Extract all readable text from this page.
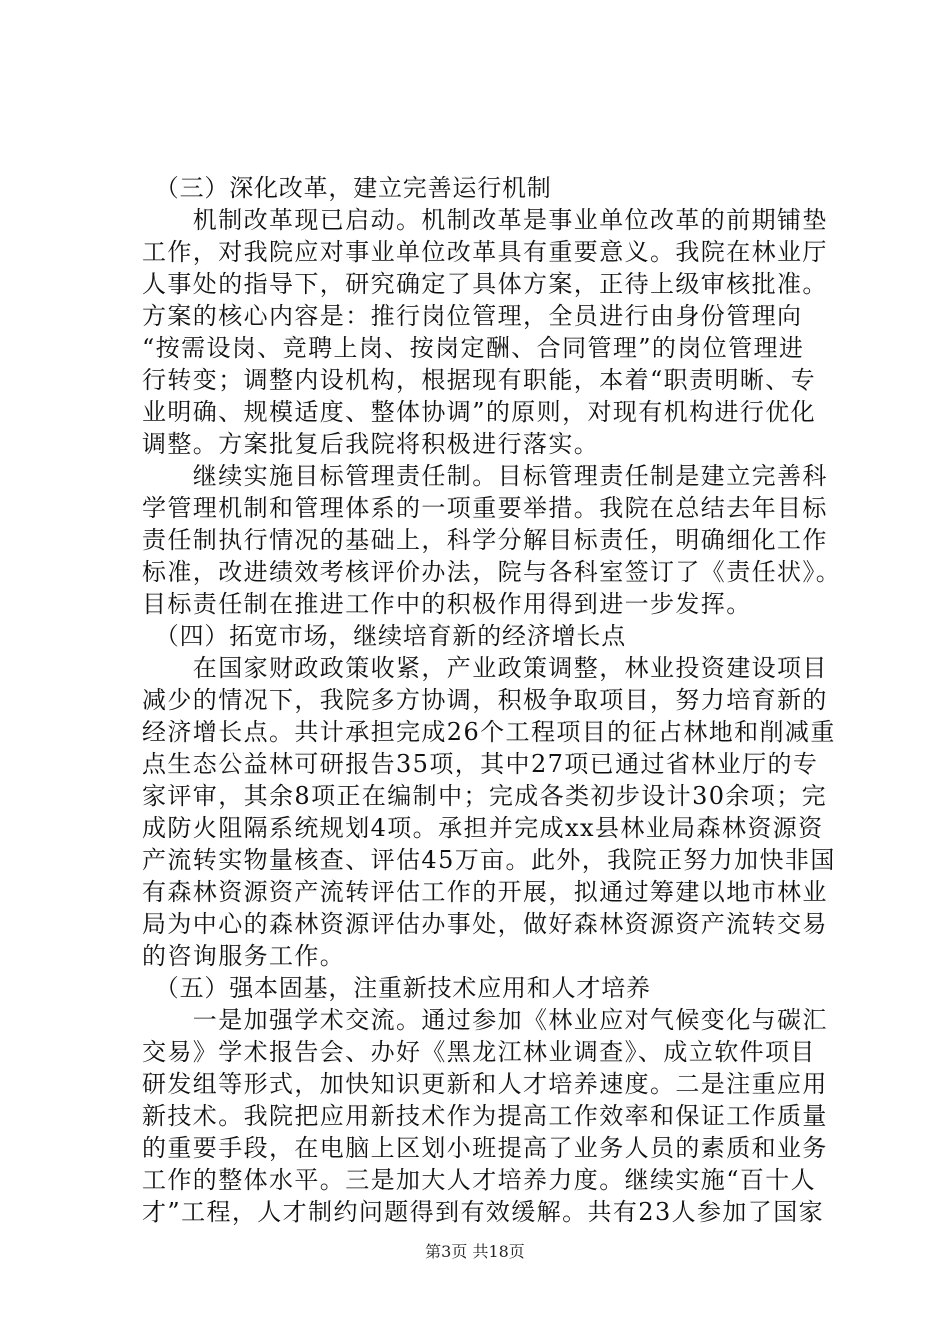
　（三）深化改革，建立完善运行机制
　　机制改革现已启动。机制改革是事业单位改革的前期铺垫
工作，对我院应对事业单位改革具有重要意义。我院在林业厅
人事处的指导下，研究确定了具体方案，正待上级审核批准。
方案的核心内容是：推行岗位管理，全员进行由身份管理向
“按需设岗、竞聘上岗、按岗定酬、合同管理”的岗位管理进
行转变；调整内设机构，根据现有职能，本着“职责明晰、专
业明确、规模适度、整体协调”的原则，对现有机构进行优化
调整。方案批复后我院将积极进行落实。
　　继续实施目标管理责任制。目标管理责任制是建立完善科
学管理机制和管理体系的一项重要举措。我院在总结去年目标
责任制执行情况的基础上，科学分解目标责任，明确细化工作
标准，改进绩效考核评价办法，院与各科室签订了《责任状》。
目标责任制在推进工作中的积极作用得到进一步发挥。
　（四）拓宽市场，继续培育新的经济增长点
　　在国家财政政策收紧，产业政策调整，林业投资建设项目
减少的情况下，我院多方协调，积极争取项目，努力培育新的
经济增长点。共计承担完成26个工程项目的征占林地和削减重
点生态公益林可研报告35项，其中27项已通过省林业厅的专
家评审，其余8项正在编制中；完成各类初步设计30余项；完
成防火阻隔系统规划4项。承担并完成xx县林业局森林资源资
产流转实物量核查、评估45万亩。此外，我院正努力加快非国
有森林资源资产流转评估工作的开展，拟通过筹建以地市林业
局为中心的森林资源评估办事处，做好森林资源资产流转交易
的咨询服务工作。
　（五）强本固基，注重新技术应用和人才培养
　　一是加强学术交流。通过参加《林业应对气候变化与碳汇
交易》学术报告会、办好《黑龙江林业调查》、成立软件项目
研发组等形式，加快知识更新和人才培养速度。二是注重应用
新技术。我院把应用新技术作为提高工作效率和保证工作质量
的重要手段，在电脑上区划小班提高了业务人员的素质和业务
工作的整体水平。三是加大人才培养力度。继续实施“百十人
才”工程，人才制约问题得到有效缓解。共有23人参加了国家
第3页 共18页
